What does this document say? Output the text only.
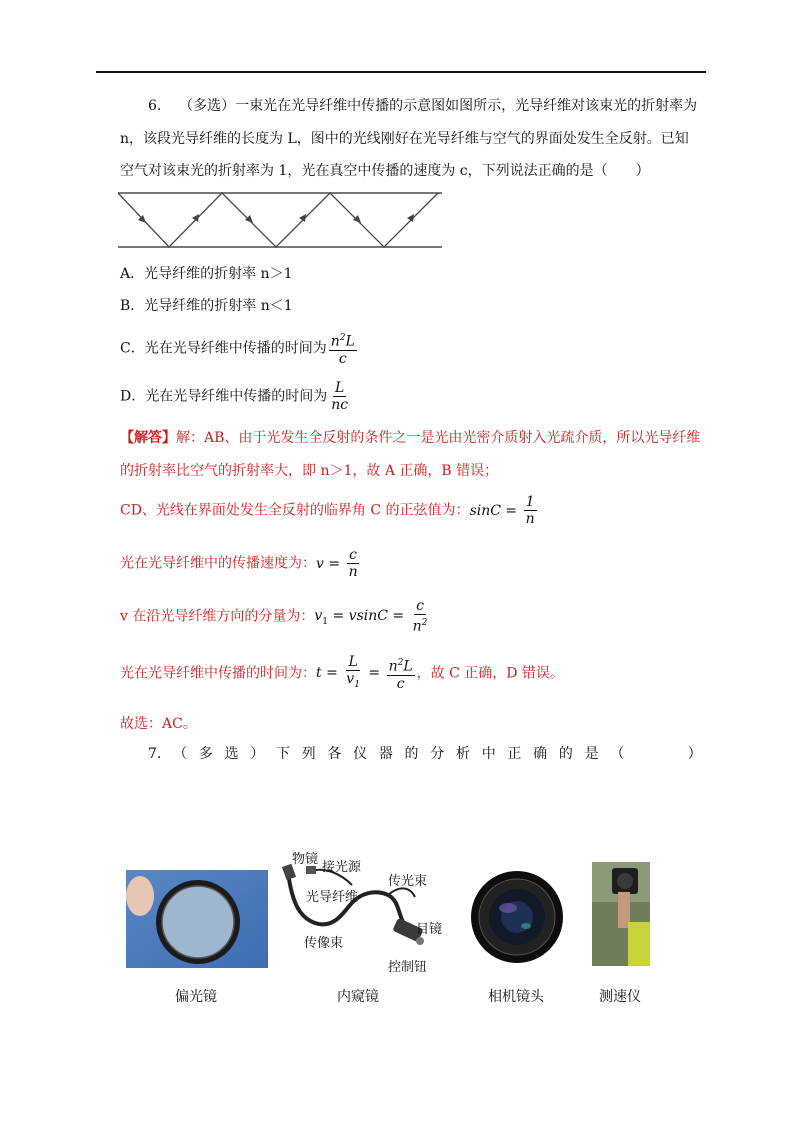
6. （多选）一束光在光导纤维中传播的示意图如图所示，光导纤维对该束光的折射率为
n，该段光导纤维的长度为 L，图中的光线刚好在光导纤维与空气的界面处发生全反射。已知
空气对该束光的折射率为 1，光在真空中传播的速度为 c，下列说法正确的是（　　）
A．光导纤维的折射率 n＞1
B．光导纤维的折射率 n＜1
C．光在光导纤维中传播的时间为 $\frac{n^2L}{c}$
D．光在光导纤维中传播的时间为 $\frac{L}{nc}$
【解答】解：AB、由于光发生全反射的条件之一是光由光密介质射入光疏介质，所以光导纤维
的折射率比空气的折射率大，即 n＞1，故 A 正确，B 错误；
CD、光线在界面处发生全反射的临界角 C 的正弦值为：$\sin C = \frac{1}{n}$
光在光导纤维中的传播速度为：$v = \frac{c}{n}$
v 在沿光导纤维方向的分量为：$v_1 = vsinC = \frac{c}{n^2}$
光在光导纤维中传播的时间为：$t = \frac{L}{v_1} = \frac{n^2L}{c}$ ，故 C 正确，D 错误。
故选：AC。
7. （ 多 选 ） 下 列 各 仪 器 的 分 析 中 正 确 的 是 （	）
物镜
接光源
传光束
光导纤维
目镜
传像束
控制钮
偏光镜	内窥镜	相机镜头	测速仪
